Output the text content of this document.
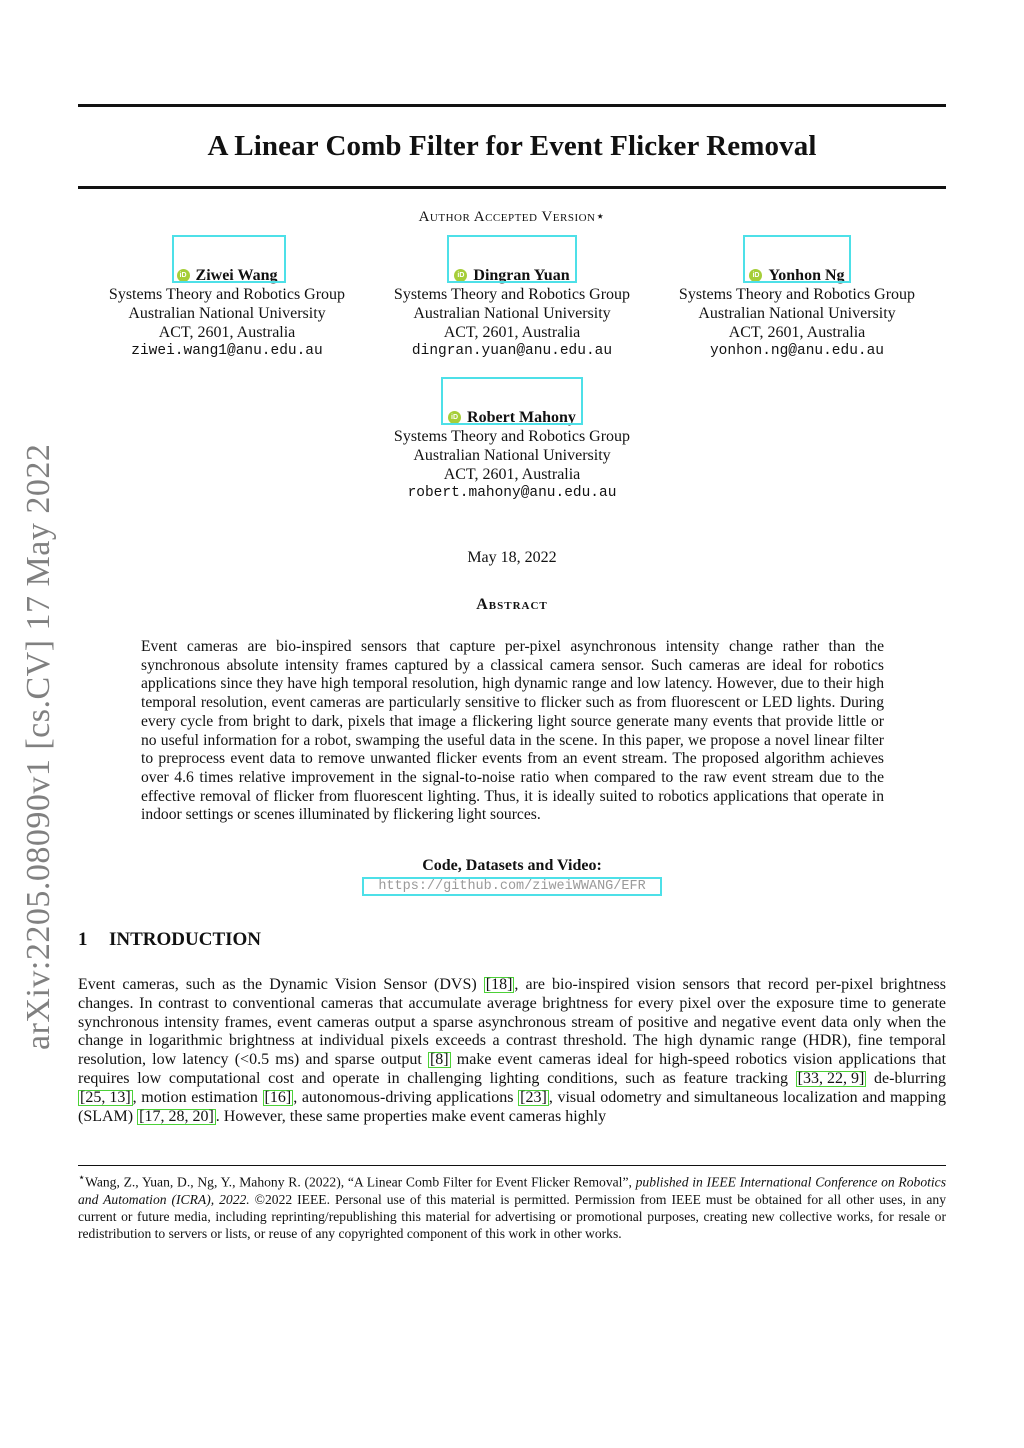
arXiv:2205.08090v1 [cs.CV] 17 May 2022
A Linear Comb Filter for Event Flicker Removal
Author Accepted Version⋆
iD Ziwei Wang
Systems Theory and Robotics Group
Australian National University
ACT, 2601, Australia
ziwei.wang1@anu.edu.au
iD Dingran Yuan
Systems Theory and Robotics Group
Australian National University
ACT, 2601, Australia
dingran.yuan@anu.edu.au
iD Yonhon Ng
Systems Theory and Robotics Group
Australian National University
ACT, 2601, Australia
yonhon.ng@anu.edu.au
iD Robert Mahony
Systems Theory and Robotics Group
Australian National University
ACT, 2601, Australia
robert.mahony@anu.edu.au
May 18, 2022
Abstract
Event cameras are bio-inspired sensors that capture per-pixel asynchronous intensity change rather than the synchronous absolute intensity frames captured by a classical camera sensor. Such cameras are ideal for robotics applications since they have high temporal resolution, high dynamic range and low latency. However, due to their high temporal resolution, event cameras are particularly sensitive to flicker such as from fluorescent or LED lights. During every cycle from bright to dark, pixels that image a flickering light source generate many events that provide little or no useful information for a robot, swamping the useful data in the scene. In this paper, we propose a novel linear filter to preprocess event data to remove unwanted flicker events from an event stream. The proposed algorithm achieves over 4.6 times relative improvement in the signal-to-noise ratio when compared to the raw event stream due to the effective removal of flicker from fluorescent lighting. Thus, it is ideally suited to robotics applications that operate in indoor settings or scenes illuminated by flickering light sources.
Code, Datasets and Video:
https://github.com/ziweiWWANG/EFR
1 INTRODUCTION
Event cameras, such as the Dynamic Vision Sensor (DVS) [18] , are bio-inspired vision sensors that record per-pixel brightness changes. In contrast to conventional cameras that accumulate average brightness for every pixel over the exposure time to generate synchronous intensity frames, event cameras output a sparse asynchronous stream of positive and negative event data only when the change in logarithmic brightness at individual pixels exceeds a contrast threshold. The high dynamic range (HDR), fine temporal resolution, low latency (<0.5 ms) and sparse output [8] make event cameras ideal for high-speed robotics vision applications that requires low computational cost and operate in challenging lighting conditions, such as feature tracking [33, 22, 9] de-blurring [25, 13] , motion estimation [16] , autonomous-driving applications [23] , visual odometry and simultaneous localization and mapping (SLAM) [17, 28, 20] . However, these same properties make event cameras highly
⋆Wang, Z., Yuan, D., Ng, Y., Mahony R. (2022), “A Linear Comb Filter for Event Flicker Removal”, published in IEEE International Conference on Robotics and Automation (ICRA), 2022. ©2022 IEEE. Personal use of this material is permitted. Permission from IEEE must be obtained for all other uses, in any current or future media, including reprinting/republishing this material for advertising or promotional purposes, creating new collective works, for resale or redistribution to servers or lists, or reuse of any copyrighted component of this work in other works.
